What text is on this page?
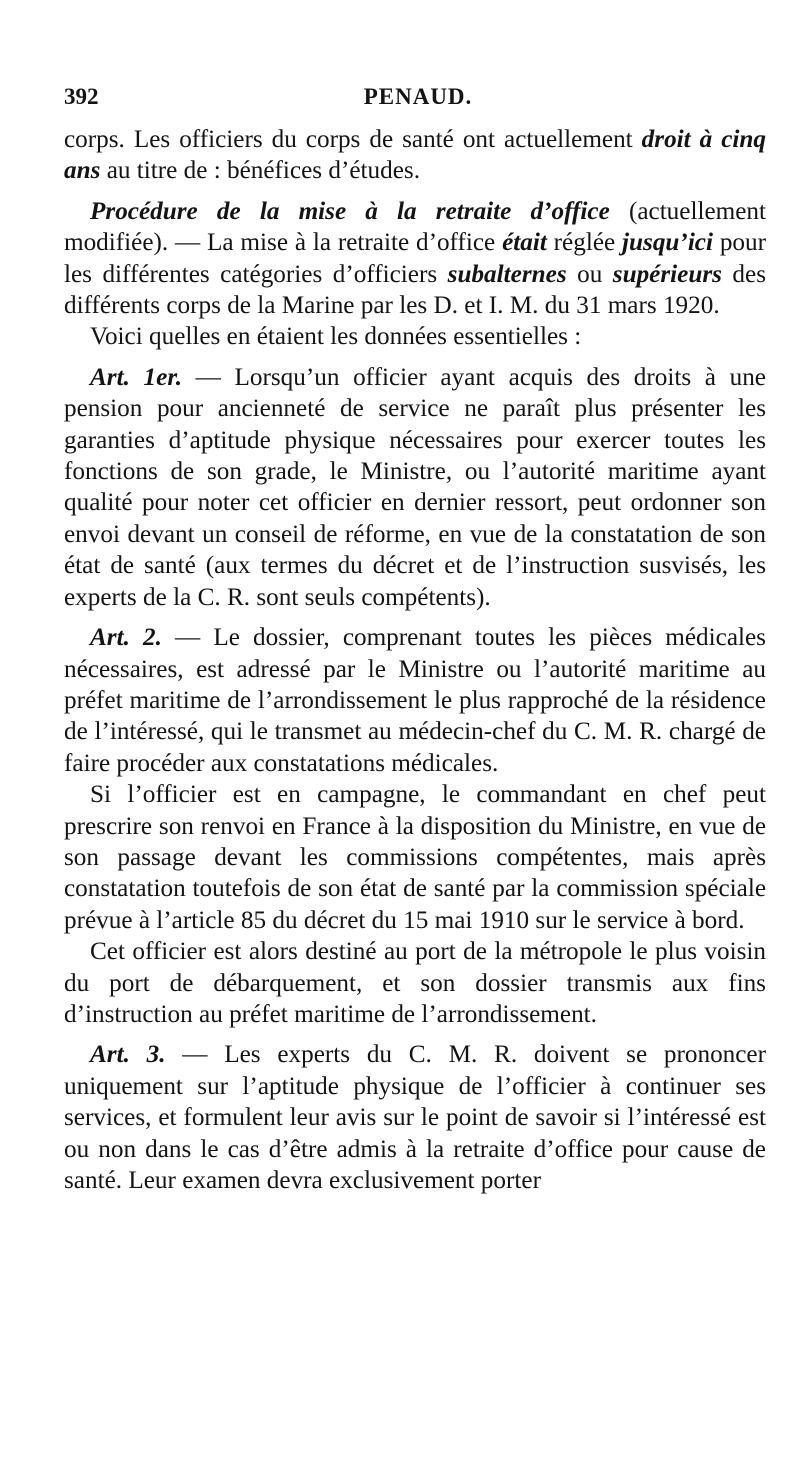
392	PENAUD.

corps. Les officiers du corps de santé ont actuellement droit à cinq ans au titre de : bénéfices d’études.

Procédure de la mise à la retraite d’office (actuellement modifiée). — La mise à la retraite d’office était réglée jusqu’ici pour les différentes catégories d’officiers subalternes ou supérieurs des différents corps de la Marine par les D. et I. M. du 31 mars 1920.

Voici quelles en étaient les données essentielles :

Art. 1er. — Lorsqu’un officier ayant acquis des droits à une pension pour ancienneté de service ne paraît plus présenter les garanties d’aptitude physique nécessaires pour exercer toutes les fonctions de son grade, le Ministre, ou l’autorité maritime ayant qualité pour noter cet officier en dernier ressort, peut ordonner son envoi devant un conseil de réforme, en vue de la constatation de son état de santé (aux termes du décret et de l’instruction susvisés, les experts de la C. R. sont seuls compétents).

Art. 2. — Le dossier, comprenant toutes les pièces médicales nécessaires, est adressé par le Ministre ou l’autorité maritime au préfet maritime de l’arrondissement le plus rapproché de la résidence de l’intéressé, qui le transmet au médecin-chef du C. M. R. chargé de faire procéder aux constatations médicales.

Si l’officier est en campagne, le commandant en chef peut prescrire son renvoi en France à la disposition du Ministre, en vue de son passage devant les commissions compétentes, mais après constatation toutefois de son état de santé par la commission spéciale prévue à l’article 85 du décret du 15 mai 1910 sur le service à bord.

Cet officier est alors destiné au port de la métropole le plus voisin du port de débarquement, et son dossier transmis aux fins d’instruction au préfet maritime de l’arrondissement.

Art. 3. — Les experts du C. M. R. doivent se prononcer uniquement sur l’aptitude physique de l’officier à continuer ses services, et formulent leur avis sur le point de savoir si l’intéressé est ou non dans le cas d’être admis à la retraite d’office pour cause de santé. Leur examen devra exclusivement porter
